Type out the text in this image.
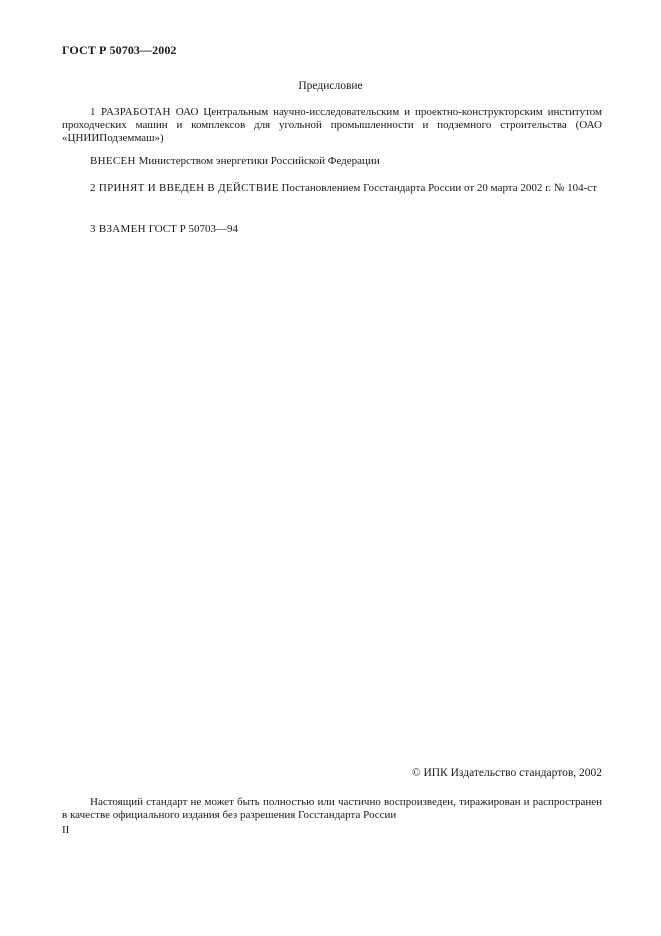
ГОСТ Р 50703—2002
Предисловие
1 РАЗРАБОТАН ОАО Центральным научно-исследовательским и проектно-конструкторским институтом проходческих машин и комплексов для угольной промышленности и подземного строительства (ОАО «ЦНИИПодземмаш»)
ВНЕСЕН Министерством энергетики Российской Федерации
2 ПРИНЯТ И ВВЕДЕН В ДЕЙСТВИЕ Постановлением Госстандарта России от 20 марта 2002 г. № 104-ст
3 ВЗАМЕН ГОСТ Р 50703—94
© ИПК Издательство стандартов, 2002
Настоящий стандарт не может быть полностью или частично воспроизведен, тиражирован и распространен в качестве официального издания без разрешения Госстандарта России
II
